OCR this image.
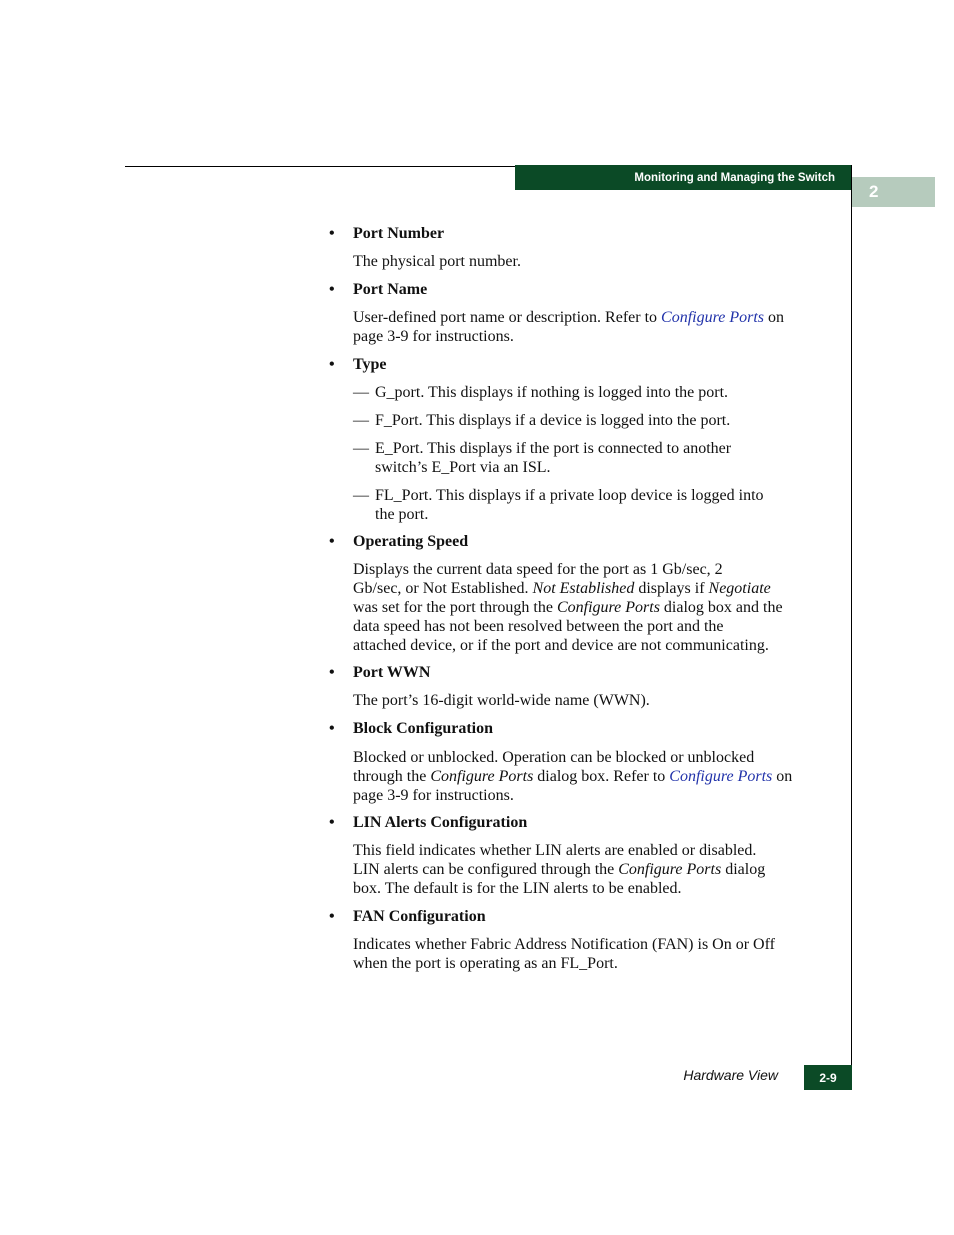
Monitoring and Managing the Switch
2
• Port Number
The physical port number.
• Port Name
User-defined port name or description. Refer to Configure Ports on
page 3-9 for instructions.
• Type
— G_port. This displays if nothing is logged into the port.
— F_Port. This displays if a device is logged into the port.
— E_Port. This displays if the port is connected to another
switch’s E_Port via an ISL.
— FL_Port. This displays if a private loop device is logged into
the port.
• Operating Speed
Displays the current data speed for the port as 1 Gb/sec, 2
Gb/sec, or Not Established. Not Established displays if Negotiate
was set for the port through the Configure Ports dialog box and the
data speed has not been resolved between the port and the
attached device, or if the port and device are not communicating.
• Port WWN
The port’s 16-digit world-wide name (WWN).
• Block Configuration
Blocked or unblocked. Operation can be blocked or unblocked
through the Configure Ports dialog box. Refer to Configure Ports on
page 3-9 for instructions.
• LIN Alerts Configuration
This field indicates whether LIN alerts are enabled or disabled.
LIN alerts can be configured through the Configure Ports dialog
box. The default is for the LIN alerts to be enabled.
• FAN Configuration
Indicates whether Fabric Address Notification (FAN) is On or Off
when the port is operating as an FL_Port.
Hardware View	2-9
